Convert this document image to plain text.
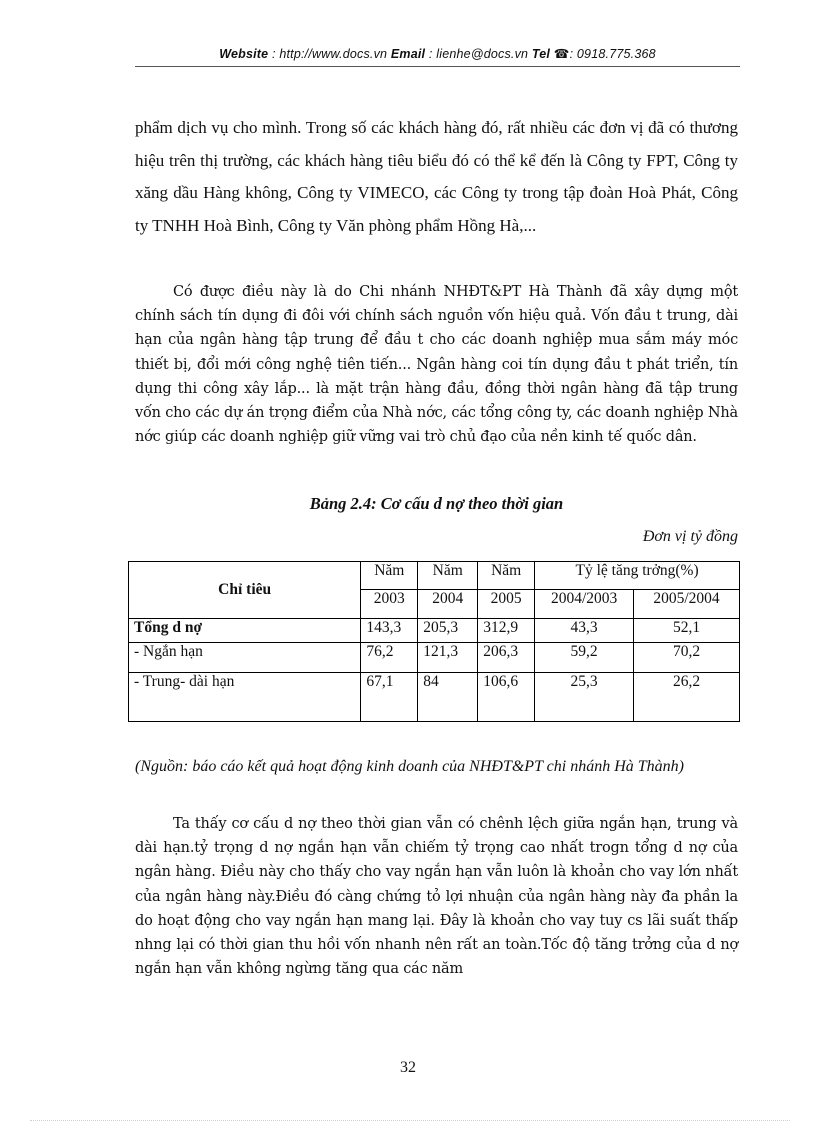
Website : http://www.docs.vn Email : lienhe@docs.vn Tel ☎: 0918.775.368
phẩm dịch vụ cho mình. Trong số các khách hàng đó, rất nhiều các đơn vị đã có thương hiệu trên thị trường, các khách hàng tiêu biểu đó có thể kể đến là Công ty FPT, Công ty xăng dầu Hàng không, Công ty VIMECO, các Công ty trong tập đoàn Hoà Phát, Công ty TNHH Hoà Bình, Công ty Văn phòng phẩm Hồng Hà,...
Có được điều này là do Chi nhánh NHĐT&PT Hà Thành đã xây dựng một chính sách tín dụng đi đôi với chính sách nguồn vốn hiệu quả. Vốn đầu t trung, dài hạn của ngân hàng tập trung để đầu t cho các doanh nghiệp mua sắm máy móc thiết bị, đổi mới công nghệ tiên tiến... Ngân hàng coi tín dụng đầu t phát triển, tín dụng thi công xây lắp... là mặt trận hàng đầu, đồng thời ngân hàng đã tập trung vốn cho các dự án trọng điểm của Nhà nớc, các tổng công ty, các doanh nghiệp Nhà nớc giúp các doanh nghiệp giữ vững vai trò chủ đạo của nền kinh tế quốc dân.
Bảng 2.4: Cơ cấu d nợ theo thời gian
Đơn vị tỷ đồng
Chỉ tiêu	Năm	Năm	Năm	Tỷ lệ tăng trởng(%)	
	2003	2004	2005	2004/2003	2005/2004
Tổng d nợ	143,3	205,3	312,9	43,3	52,1
- Ngắn hạn	76,2	121,3	206,3	59,2	70,2
- Trung- dài hạn	67,1	84	106,6	25,3	26,2
(Nguồn: báo cáo kết quả hoạt động kinh doanh của NHĐT&PT chi nhánh Hà Thành)
Ta thấy cơ cấu d nợ theo thời gian vẫn có chênh lệch giữa ngắn hạn, trung và dài hạn.tỷ trọng d nợ ngắn hạn vẫn chiếm tỷ trọng cao nhất trogn tổng d nợ của ngân hàng. Điều này cho thấy cho vay ngắn hạn vẫn luôn là khoản cho vay lớn nhất của ngân hàng này.Điều đó càng chứng tỏ lợi nhuận của ngân hàng này đa phần la do hoạt động cho vay ngắn hạn mang lại. Đây là khoản cho vay tuy cs lãi suất thấp nhng lại có thời gian thu hồi vốn nhanh nên rất an toàn.Tốc độ tăng trởng của d nợ ngắn hạn vẫn không ngừng tăng qua các năm
32
